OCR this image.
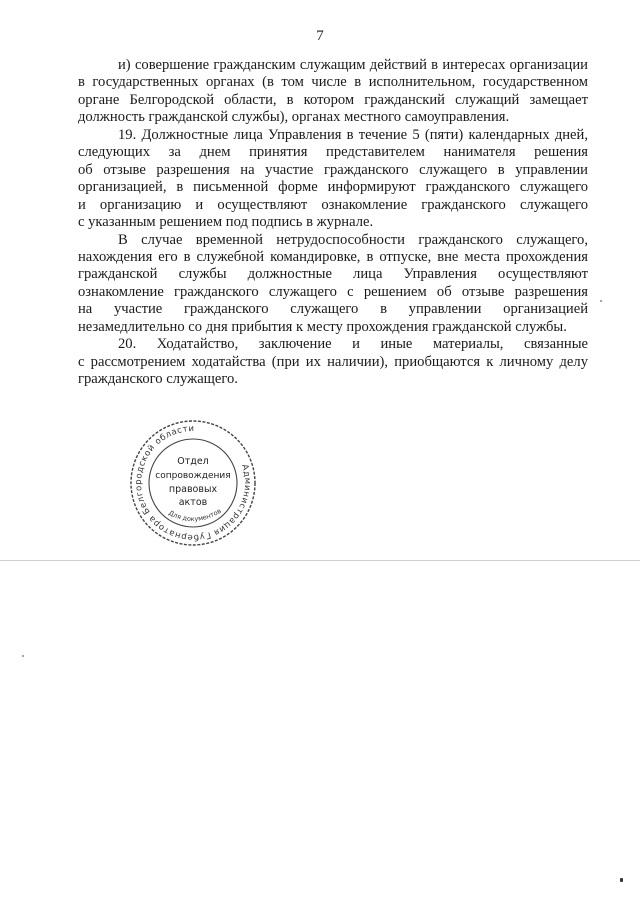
7
и) совершение гражданским служащим действий в интересах организации
в государственных органах (в том числе в исполнительном, государственном
органе Белгородской области, в котором гражданский служащий замещает
должность гражданской службы), органах местного самоуправления.
19. Должностные лица Управления в течение 5 (пяти) календарных дней,
следующих за днем принятия представителем нанимателя решения
об отзыве разрешения на участие гражданского служащего в управлении
организацией, в письменной форме информируют гражданского служащего
и организацию и осуществляют ознакомление гражданского служащего
с указанным решением под подпись в журнале.
В случае временной нетрудоспособности гражданского служащего,
нахождения его в служебной командировке, в отпуске, вне места прохождения
гражданской службы должностные лица Управления осуществляют
ознакомление гражданского служащего с решением об отзыве разрешения
на участие гражданского служащего в управлении организацией
незамедлительно со дня прибытия к месту прохождения гражданской службы.
20. Ходатайство, заключение и иные материалы, связанные
с рассмотрением ходатайства (при их наличии), приобщаются к личному делу
гражданского служащего.
Администрация Губернатора Белгородской области
Для документов
Отдел
сопровождения
правовых
актов
